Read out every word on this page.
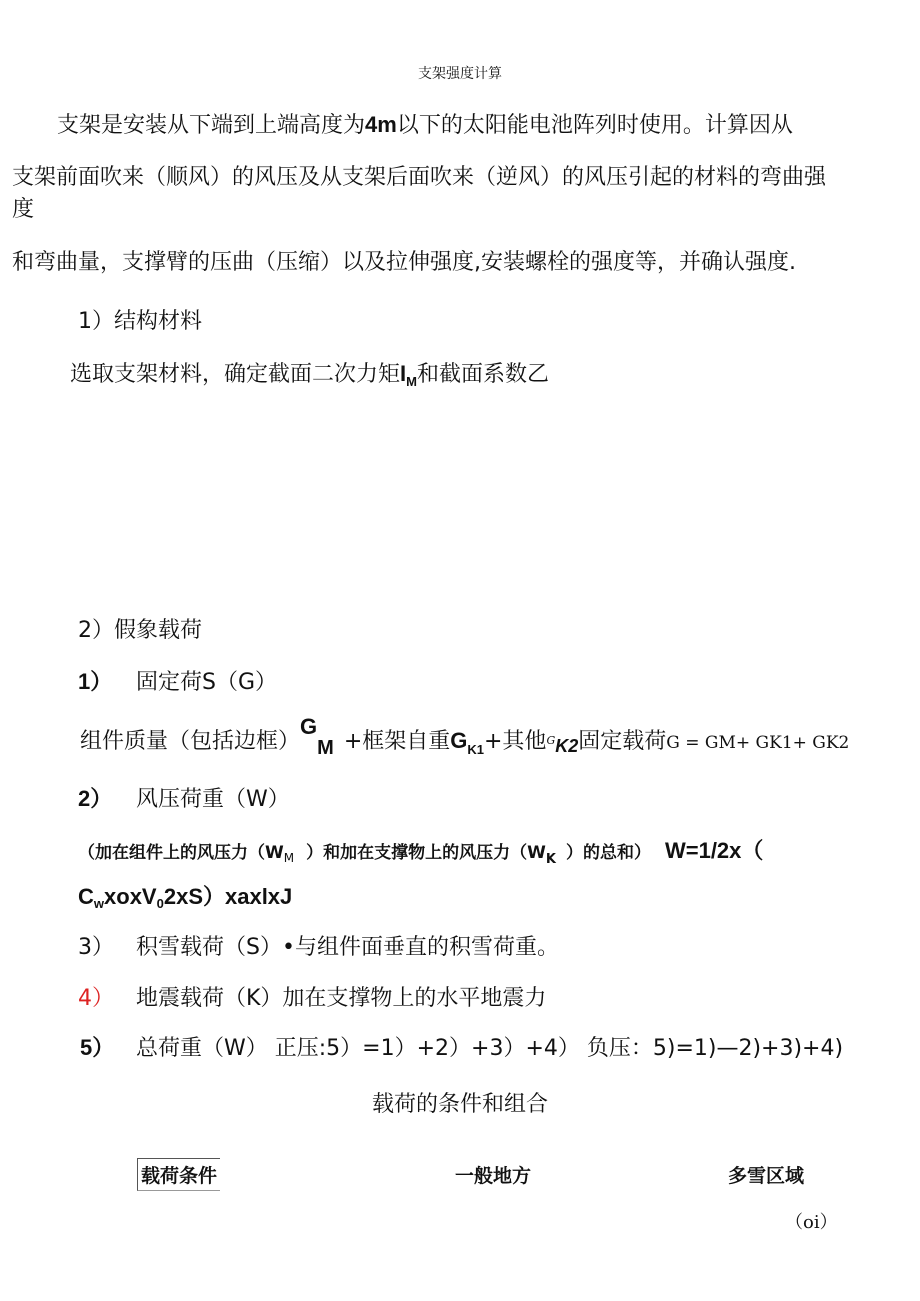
支架强度计算
支架是安装从下端到上端高度为4m以下的太阳能电池阵列时使用。计算因从
支架前面吹来（顺风）的风压及从支架后面吹来（逆风）的风压引起的材料的弯曲强
度
和弯曲量，支撑臂的压曲（压缩）以及拉伸强度,安装螺栓的强度等，并确认强度.
1）结构材料
选取支架材料，确定截面二次力矩$I_M$和截面系数乙
2）假象载荷
1） 固定荷S（G）
组件质量（包括边框）GM +框架自重$G_{K1}+$其他$_{GK2}$固定载荷$_{G = GM+ GK1+ GK2}$
2） 风压荷重（W）
（加在组件上的风压力（$W_M$ ）和加在支撑物上的风压力（$W_K$ ）的总和） W=1/2x（
CwxoxV02xS）xaxlxJ
3） 积雪载荷（S）•与组件面垂直的积雪荷重。
4） 地震载荷（K）加在支撑物上的水平地震力
5） 总荷重（W） 正压:5）=1）+2）+3）+4） 负压：5)=1)—2)+3)+4)
载荷的条件和组合
载荷条件	一般地方	多雪区域
（oi）
